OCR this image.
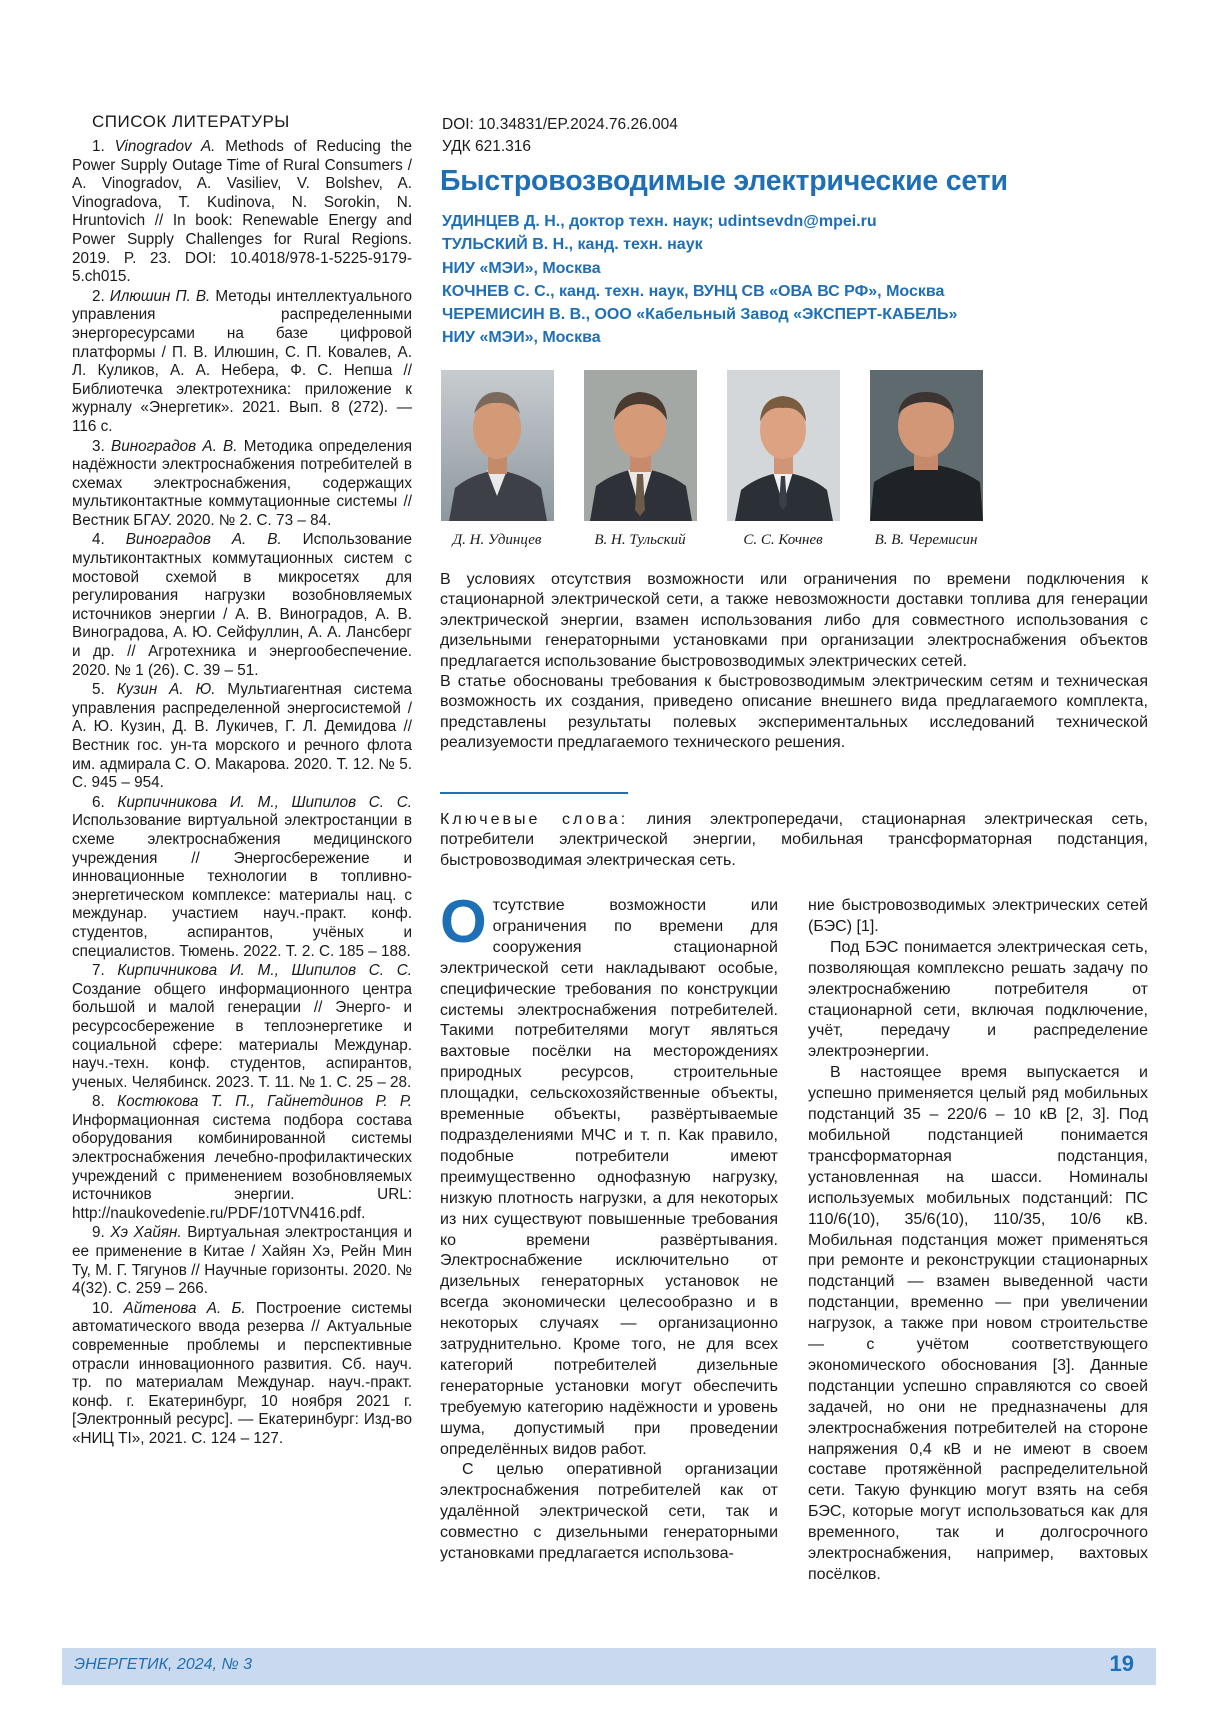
СПИСОК ЛИТЕРАТУРЫ

1. Vinogradov A. Methods of Reducing the Power Supply Outage Time of Rural Consumers / A. Vinogradov, A. Vasiliev, V. Bolshev, A. Vinogradova, T. Kudinova, N. Sorokin, N. Hruntovich // In book: Renewable Energy and Power Supply Challenges for Rural Regions. 2019. P. 23. DOI: 10.4018/978-1-5225-9179-5.ch015.

2. Илюшин П. В. Методы интеллектуального управления распределенными энергоресурсами на базе цифровой платформы / П. В. Илюшин, С. П. Ковалев, А. Л. Куликов, А. А. Небера, Ф. С. Непша // Библиотечка электротехника: приложение к журналу «Энергетик». 2021. Вып. 8 (272). — 116 с.

3. Виноградов А. В. Методика определения надёжности электроснабжения потребителей в схемах электроснабжения, содержащих мультиконтактные коммутационные системы // Вестник БГАУ. 2020. № 2. С. 73 – 84.

4. Виноградов А. В. Использование мультиконтактных коммутационных систем с мостовой схемой в микросетях для регулирования нагрузки возобновляемых источников энергии / А. В. Виноградов, А. В. Виноградова, А. Ю. Сейфуллин, А. А. Лансберг и др. // Агротехника и энергообеспечение. 2020. № 1 (26). С. 39 – 51.

5. Кузин А. Ю. Мультиагентная система управления распределенной энергосистемой / А. Ю. Кузин, Д. В. Лукичев, Г. Л. Демидова // Вестник гос. ун-та морского и речного флота им. адмирала С. О. Макарова. 2020. Т. 12. № 5. С. 945 – 954.

6. Кирпичникова И. М., Шипилов С. С. Использование виртуальной электростанции в схеме электроснабжения медицинского учреждения // Энергосбережение и инновационные технологии в топливно-энергетическом комплексе: материалы нац. с междунар. участием науч.-практ. конф. студентов, аспирантов, учёных и специалистов. Тюмень. 2022. Т. 2. С. 185 – 188.

7. Кирпичникова И. М., Шипилов С. С. Создание общего информационного центра большой и малой генерации // Энерго- и ресурсосбережение в теплоэнергетике и социальной сфере: материалы Междунар. науч.-техн. конф. студентов, аспирантов, ученых. Челябинск. 2023. Т. 11. № 1. С. 25 – 28.

8. Костюкова Т. П., Гайнетдинов Р. Р. Информационная система подбора состава оборудования комбинированной системы электроснабжения лечебно-профилактических учреждений с применением возобновляемых источников энергии. URL: http://naukovedenie.ru/PDF/10TVN416.pdf.

9. Хэ Хайян. Виртуальная электростанция и ее применение в Китае / Хайян Хэ, Рейн Мин Ту, М. Г. Тягунов // Научные горизонты. 2020. № 4(32). С. 259 – 266.

10. Айтенова А. Б. Построение системы автоматического ввода резерва // Актуальные современные проблемы и перспективные отрасли инновационного развития. Сб. науч. тр. по материалам Междунар. науч.-практ. конф. г. Екатеринбург, 10 ноября 2021 г. [Электронный ресурс]. — Екатеринбург: Изд-во «НИЦ TI», 2021. С. 124 – 127.

DOI: 10.34831/EP.2024.76.26.004
УДК 621.316
Быстровозводимые электрические сети
УДИНЦЕВ Д. Н., доктор техн. наук; udintsevdn@mpei.ru
ТУЛЬСКИЙ В. Н., канд. техн. наук
НИУ «МЭИ», Москва
КОЧНЕВ С. С., канд. техн. наук, ВУНЦ СВ «ОВА ВС РФ», Москва
ЧЕРЕМИСИН В. В., ООО «Кабельный Завод «ЭКСПЕРТ-КАБЕЛЬ»
НИУ «МЭИ», Москва
Д. Н. Удинцев	В. Н. Тульский	С. С. Кочнев	В. В. Черемисин

В условиях отсутствия возможности или ограничения по времени подключения к стационарной электрической сети, а также невозможности доставки топлива для генерации электрической энергии, взамен использования либо для совместного использования с дизельными генераторными установками при организации электроснабжения объектов предлагается использование быстровозводимых электрических сетей.

В статье обоснованы требования к быстровозводимым электрическим сетям и техническая возможность их создания, приведено описание внешнего вида предлагаемого комплекта, представлены результаты полевых экспериментальных исследований технической реализуемости предлагаемого технического решения.

Ключевые слова: линия электропередачи, стационарная электрическая сеть, потребители электрической энергии, мобильная трансформаторная подстанция, быстровозводимая электрическая сеть.

Отсутствие возможности или ограничения по времени для сооружения стационарной электрической сети накладывают особые, специфические требования по конструкции системы электроснабжения потребителей. Такими потребителями могут являться вахтовые посёлки на месторождениях природных ресурсов, строительные площадки, сельскохозяйственные объекты, временные объекты, развёртываемые подразделениями МЧС и т. п. Как правило, подобные потребители имеют преимущественно однофазную нагрузку, низкую плотность нагрузки, а для некоторых из них существуют повышенные требования ко времени развёртывания. Электроснабжение исключительно от дизельных генераторных установок не всегда экономически целесообразно и в некоторых случаях — организационно затруднительно. Кроме того, не для всех категорий потребителей дизельные генераторные установки могут обеспечить требуемую категорию надёжности и уровень шума, допустимый при проведении определённых видов работ.

С целью оперативной организации электроснабжения потребителей как от удалённой электрической сети, так и совместно с дизельными генераторными установками предлагается использова-

ние быстровозводимых электрических сетей (БЭС) [1].

Под БЭС понимается электрическая сеть, позволяющая комплексно решать задачу по электроснабжению потребителя от стационарной сети, включая подключение, учёт, передачу и распределение электроэнергии.

В настоящее время выпускается и успешно применяется целый ряд мобильных подстанций 35 – 220/6 – 10 кВ [2, 3]. Под мобильной подстанцией понимается трансформаторная подстанция, установленная на шасси. Номиналы используемых мобильных подстанций: ПС 110/6(10), 35/6(10), 110/35, 10/6 кВ. Мобильная подстанция может применяться при ремонте и реконструкции стационарных подстанций — взамен выведенной части подстанции, временно — при увеличении нагрузок, а также при новом строительстве — с учётом соответствующего экономического обоснования [3]. Данные подстанции успешно справляются со своей задачей, но они не предназначены для электроснабжения потребителей на стороне напряжения 0,4 кВ и не имеют в своем составе протяжённой распределительной сети. Такую функцию могут взять на себя БЭС, которые могут использоваться как для временного, так и долгосрочного электроснабжения, например, вахтовых посёлков.

ЭНЕРГЕТИК, 2024, № 3	19
